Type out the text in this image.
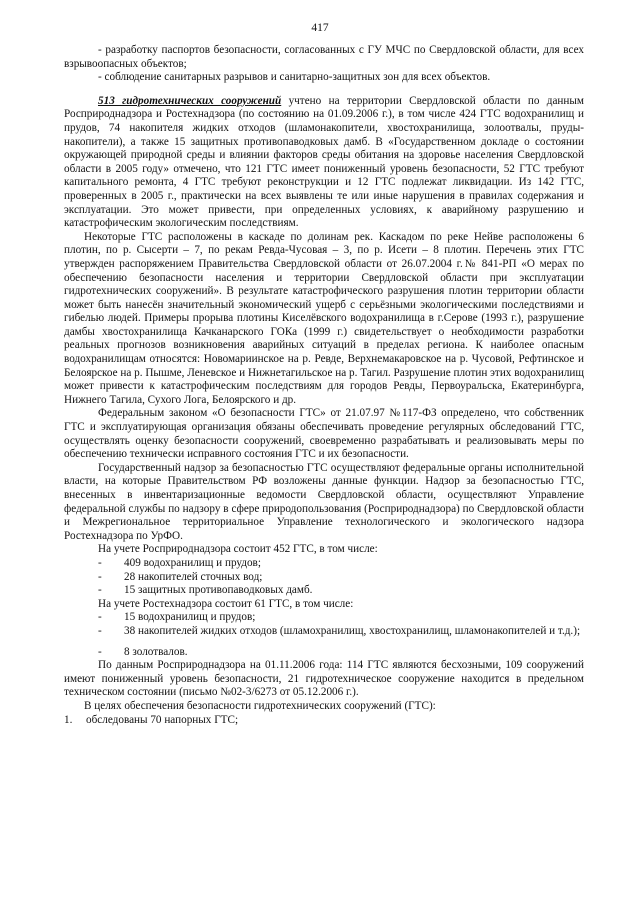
417

- разработку паспортов безопасности, согласованных с ГУ МЧС по Свердловской области, для всех взрывоопасных объектов;

- соблюдение санитарных разрывов и санитарно-защитных зон для всех объектов.

513 гидротехнических сооружений учтено на территории Свердловской области по данным Росприроднадзора и Ростехнадзора (по состоянию на 01.09.2006 г.), в том числе 424 ГТС водохранилищ и прудов, 74 накопителя жидких отходов (шламонакопители, хвостохранилища, золоотвалы, пруды-накопители), а также 15 защитных противопаводковых дамб. В «Государственном докладе о состоянии окружающей природной среды и влиянии факторов среды обитания на здоровье населения Свердловской области в 2005 году» отмечено, что 121 ГТС имеет пониженный уровень безопасности, 52 ГТС требуют капитального ремонта, 4 ГТС требуют реконструкции и 12 ГТС подлежат ликвидации. Из 142 ГТС, проверенных в 2005 г., практически на всех выявлены те или иные нарушения в правилах содержания и эксплуатации. Это может привести, при определенных условиях, к аварийному разрушению и катастрофическим экологическим последствиям.

Некоторые ГТС расположены в каскаде по долинам рек. Каскадом по реке Нейве расположены 6 плотин, по р. Сысерти – 7, по рекам Ревда-Чусовая – 3, по р. Исети – 8 плотин. Перечень этих ГТС утвержден распоряжением Правительства Свердловской области от 26.07.2004 г.№ 841-РП «О мерах по обеспечению безопасности населения и территории Свердловской области при эксплуатации гидротехнических сооружений». В результате катастрофического разрушения плотин территории области может быть нанесён значительный экономический ущерб с серьёзными экологическими последствиями и гибелью людей. Примеры прорыва плотины Киселёвского водохранилища в г.Серове (1993 г.), разрушение дамбы хвостохранилища Качканарского ГОКа (1999 г.) свидетельствует о необходимости разработки реальных прогнозов возникновения аварийных ситуаций в пределах региона. К наиболее опасным водохранилищам относятся: Новомариинское на р. Ревде, Верхнемакаровское на р. Чусовой, Рефтинское и Белоярское на р. Пышме, Леневское и Нижнетагильское на р. Тагил. Разрушение плотин этих водохранилищ может привести к катастрофическим последствиям для городов Ревды, Первоуральска, Екатеринбурга, Нижнего Тагила, Сухого Лога, Белоярского и др.

Федеральным законом «О безопасности ГТС» от 21.07.97 №117-ФЗ определено, что собственник ГТС и эксплуатирующая организация обязаны обеспечивать проведение регулярных обследований ГТС, осуществлять оценку безопасности сооружений, своевременно разрабатывать и реализовывать меры по обеспечению технически исправного состояния ГТС и их безопасности.

Государственный надзор за безопасностью ГТС осуществляют федеральные органы исполнительной власти, на которые Правительством РФ возложены данные функции. Надзор за безопасностью ГТС, внесенных в инвентаризационные ведомости Свердловской области, осуществляют Управление федеральной службы по надзору в сфере природопользования (Росприроднадзора) по Свердловской области и Межрегиональное территориальное Управление технологического и экологического надзора Ростехнадзора по УрФО.

На учете Росприроднадзора состоит 452 ГТС, в том числе:

-	409 водохранилищ и прудов;
-	28 накопителей сточных вод;
-	15 защитных противопаводковых дамб.

На учете Ростехнадзора состоит 61 ГТС, в том числе:

-	15 водохранилищ и прудов;
- 38 накопителей жидких отходов (шламохранилищ, хвостохранилищ, шламонакопителей и т.д.);
-	8 золотвалов.

По данным Росприроднадзора на 01.11.2006 года: 114 ГТС являются бесхозными, 109 сооружений имеют пониженный уровень безопасности, 21 гидротехническое сооружение находится в предельном техническом состоянии (письмо №02-3/6273 от 05.12.2006 г.).

В целях обеспечения безопасности гидротехнических сооружений (ГТС):

1.	обследованы 70 напорных ГТС;
